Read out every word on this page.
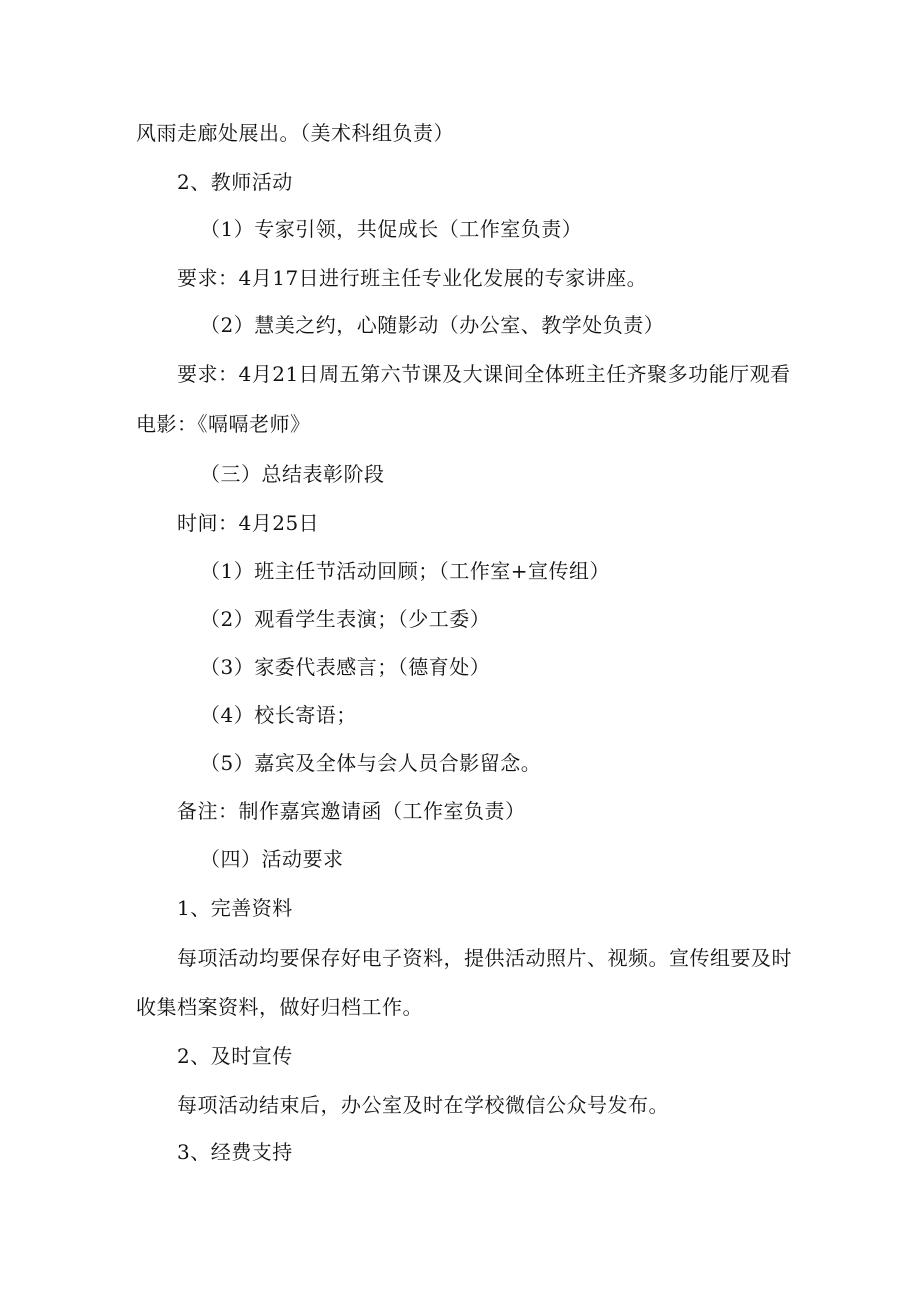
风雨走廊处展出。（美术科组负责）
2、教师活动
（1）专家引领，共促成长（工作室负责）
要求：4月17日进行班主任专业化发展的专家讲座。
（2）慧美之约，心随影动（办公室、教学处负责）
要求：4月21日周五第六节课及大课间全体班主任齐聚多功能厅观看
电影：《嗝嗝老师》
（三）总结表彰阶段
时间：4月25日
（1）班主任节活动回顾；（工作室+宣传组）
（2）观看学生表演；（少工委）
（3）家委代表感言；（德育处）
（4）校长寄语；
（5）嘉宾及全体与会人员合影留念。
备注：制作嘉宾邀请函（工作室负责）
（四）活动要求
1、完善资料
每项活动均要保存好电子资料，提供活动照片、视频。宣传组要及时
收集档案资料，做好归档工作。
2、及时宣传
每项活动结束后，办公室及时在学校微信公众号发布。
3、经费支持
